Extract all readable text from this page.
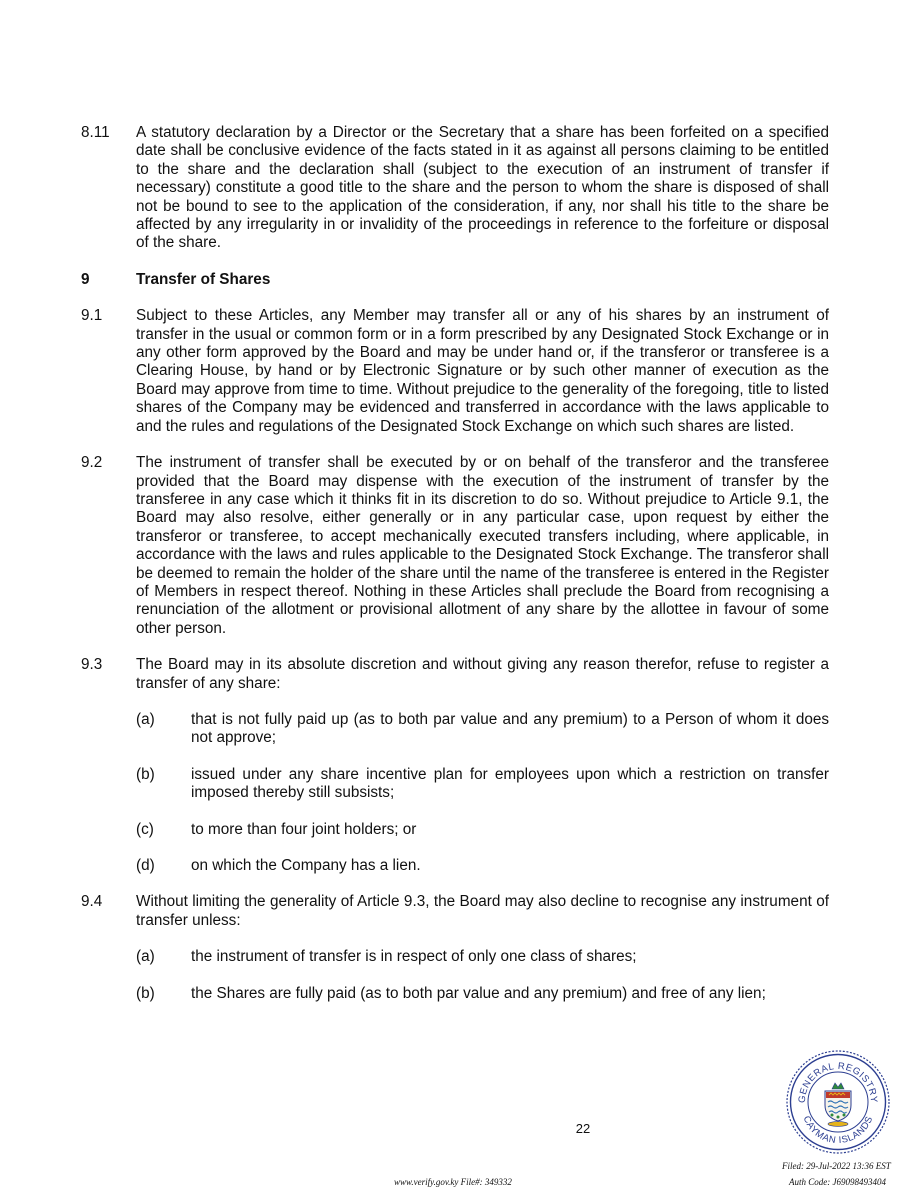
8.11 A statutory declaration by a Director or the Secretary that a share has been forfeited on a specified date shall be conclusive evidence of the facts stated in it as against all persons claiming to be entitled to the share and the declaration shall (subject to the execution of an instrument of transfer if necessary) constitute a good title to the share and the person to whom the share is disposed of shall not be bound to see to the application of the consideration, if any, nor shall his title to the share be affected by any irregularity in or invalidity of the proceedings in reference to the forfeiture or disposal of the share.
9	Transfer of Shares
9.1 Subject to these Articles, any Member may transfer all or any of his shares by an instrument of transfer in the usual or common form or in a form prescribed by any Designated Stock Exchange or in any other form approved by the Board and may be under hand or, if the transferor or transferee is a Clearing House, by hand or by Electronic Signature or by such other manner of execution as the Board may approve from time to time. Without prejudice to the generality of the foregoing, title to listed shares of the Company may be evidenced and transferred in accordance with the laws applicable to and the rules and regulations of the Designated Stock Exchange on which such shares are listed.
9.2 The instrument of transfer shall be executed by or on behalf of the transferor and the transferee provided that the Board may dispense with the execution of the instrument of transfer by the transferee in any case which it thinks fit in its discretion to do so. Without prejudice to Article 9.1, the Board may also resolve, either generally or in any particular case, upon request by either the transferor or transferee, to accept mechanically executed transfers including, where applicable, in accordance with the laws and rules applicable to the Designated Stock Exchange. The transferor shall be deemed to remain the holder of the share until the name of the transferee is entered in the Register of Members in respect thereof. Nothing in these Articles shall preclude the Board from recognising a renunciation of the allotment or provisional allotment of any share by the allottee in favour of some other person.
9.3 The Board may in its absolute discretion and without giving any reason therefor, refuse to register a transfer of any share:
(a) that is not fully paid up (as to both par value and any premium) to a Person of whom it does not approve;
(b) issued under any share incentive plan for employees upon which a restriction on transfer imposed thereby still subsists;
(c) to more than four joint holders; or
(d) on which the Company has a lien.
9.4 Without limiting the generality of Article 9.3, the Board may also decline to recognise any instrument of transfer unless:
(a) the instrument of transfer is in respect of only one class of shares;
(b) the Shares are fully paid (as to both par value and any premium) and free of any lien;
22
GENERAL REGISTRY
CAYMAN ISLANDS
Filed: 29-Jul-2022 13:36 EST
www.verify.gov.ky File#: 349332	Auth Code: J69098493404
